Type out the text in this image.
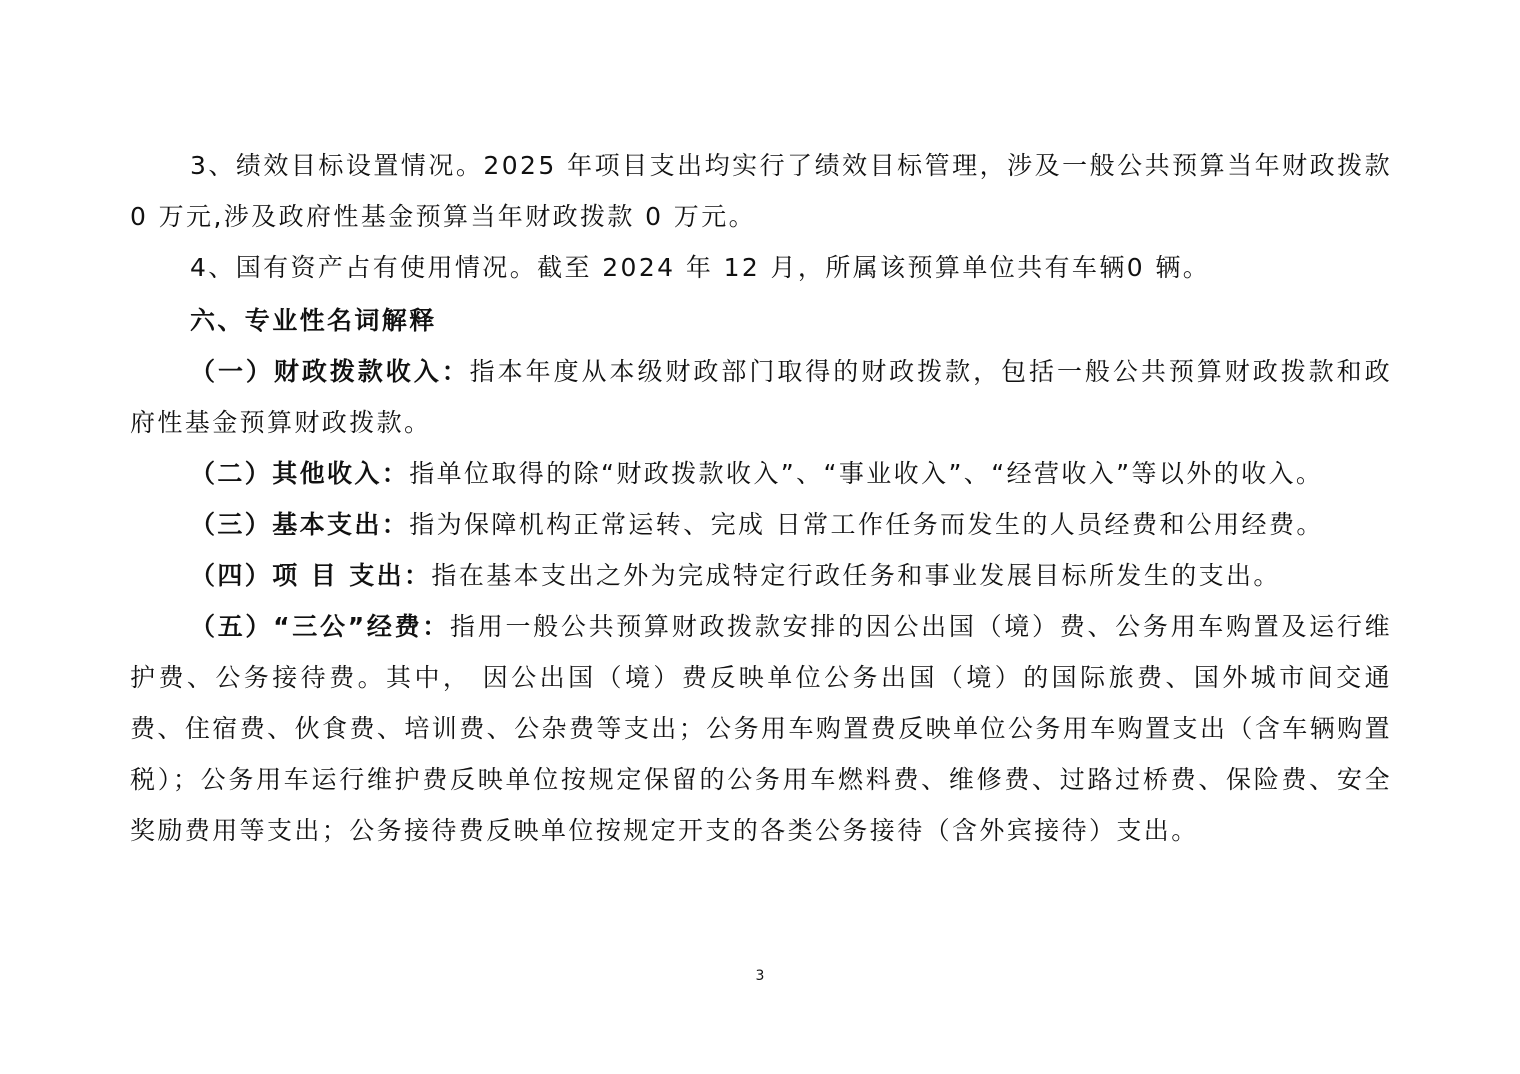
3、绩效目标设置情况。2025 年项目支出均实行了绩效目标管理，涉及一般公共预算当年财政拨款 0 万元,涉及政府性基金预算当年财政拨款 0 万元。

4、国有资产占有使用情况。截至 2024 年 12 月，所属该预算单位共有车辆0 辆。

六、专业性名词解释

（一）财政拨款收入：指本年度从本级财政部门取得的财政拨款，包括一般公共预算财政拨款和政府性基金预算财政拨款。

（二）其他收入：指单位取得的除“财政拨款收入”、“事业收入”、“经营收入”等以外的收入。

（三）基本支出：指为保障机构正常运转、完成 日常工作任务而发生的人员经费和公用经费。

（四）项 目 支出：指在基本支出之外为完成特定行政任务和事业发展目标所发生的支出。

（五）“三公”经费：指用一般公共预算财政拨款安排的因公出国（境）费、公务用车购置及运行维护费、公务接待费。其中， 因公出国（境）费反映单位公务出国（境）的国际旅费、国外城市间交通费、住宿费、伙食费、培训费、公杂费等支出；公务用车购置费反映单位公务用车购置支出（含车辆购置税）；公务用车运行维护费反映单位按规定保留的公务用车燃料费、维修费、过路过桥费、保险费、安全奖励费用等支出；公务接待费反映单位按规定开支的各类公务接待（含外宾接待）支出。

3
